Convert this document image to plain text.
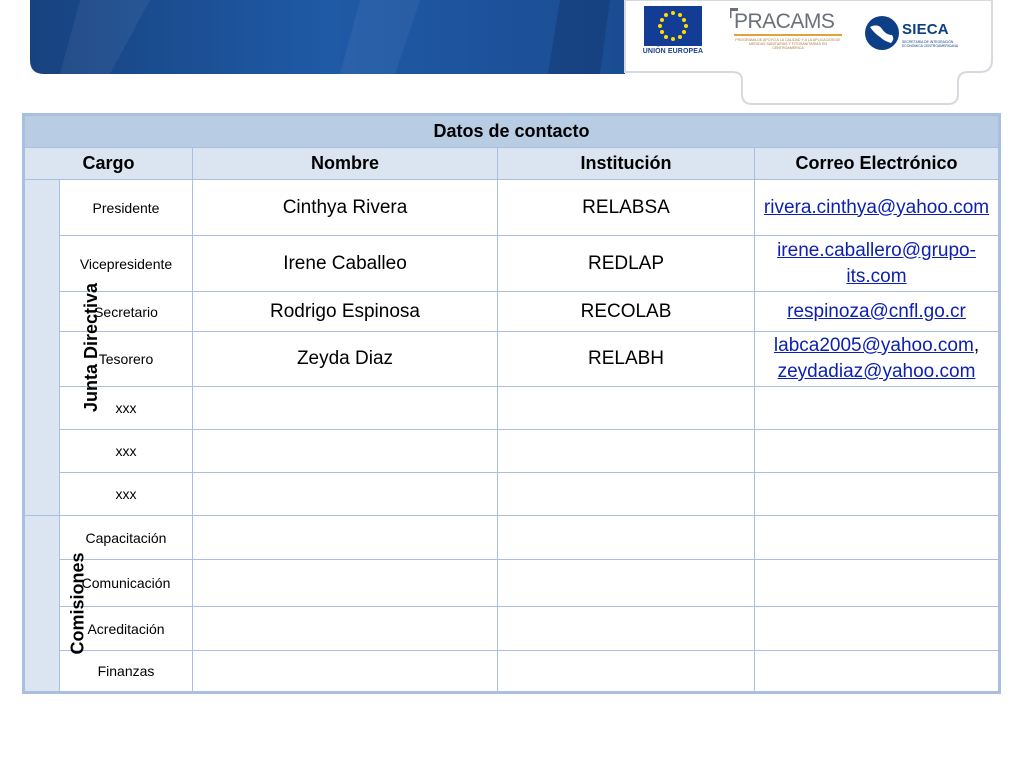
UNIÓN EUROPEA
PRACAMS
PROGRAMA DE APOYO A LA CALIDAD Y A LA APLICACIÓN DE MEDIDAS SANITARIAS Y FITOSANITARIAS EN CENTROAMÉRICA
SIECA
SECRETARÍA DE INTEGRACIÓN ECONÓMICA CENTROAMERICANA
Datos de contacto				
Cargo		Nombre	Institución	Correo Electrónico
Junta Directiva	Presidente	Cinthya Rivera	RELABSA	rivera.cinthya@yahoo.com
	Vicepresidente	Irene Caballeo	REDLAP	irene.caballero@grupo-its.com
	Secretario	Rodrigo Espinosa	RECOLAB	respinoza@cnfl.go.cr
	Tesorero	Zeyda Diaz	RELABH	labca2005@yahoo.com,
zeydadiaz@yahoo.com
	xxx			
	xxx			
	xxx			
Comisiones	Capacitación			
	Comunicación			
	Acreditación			
	Finanzas			
